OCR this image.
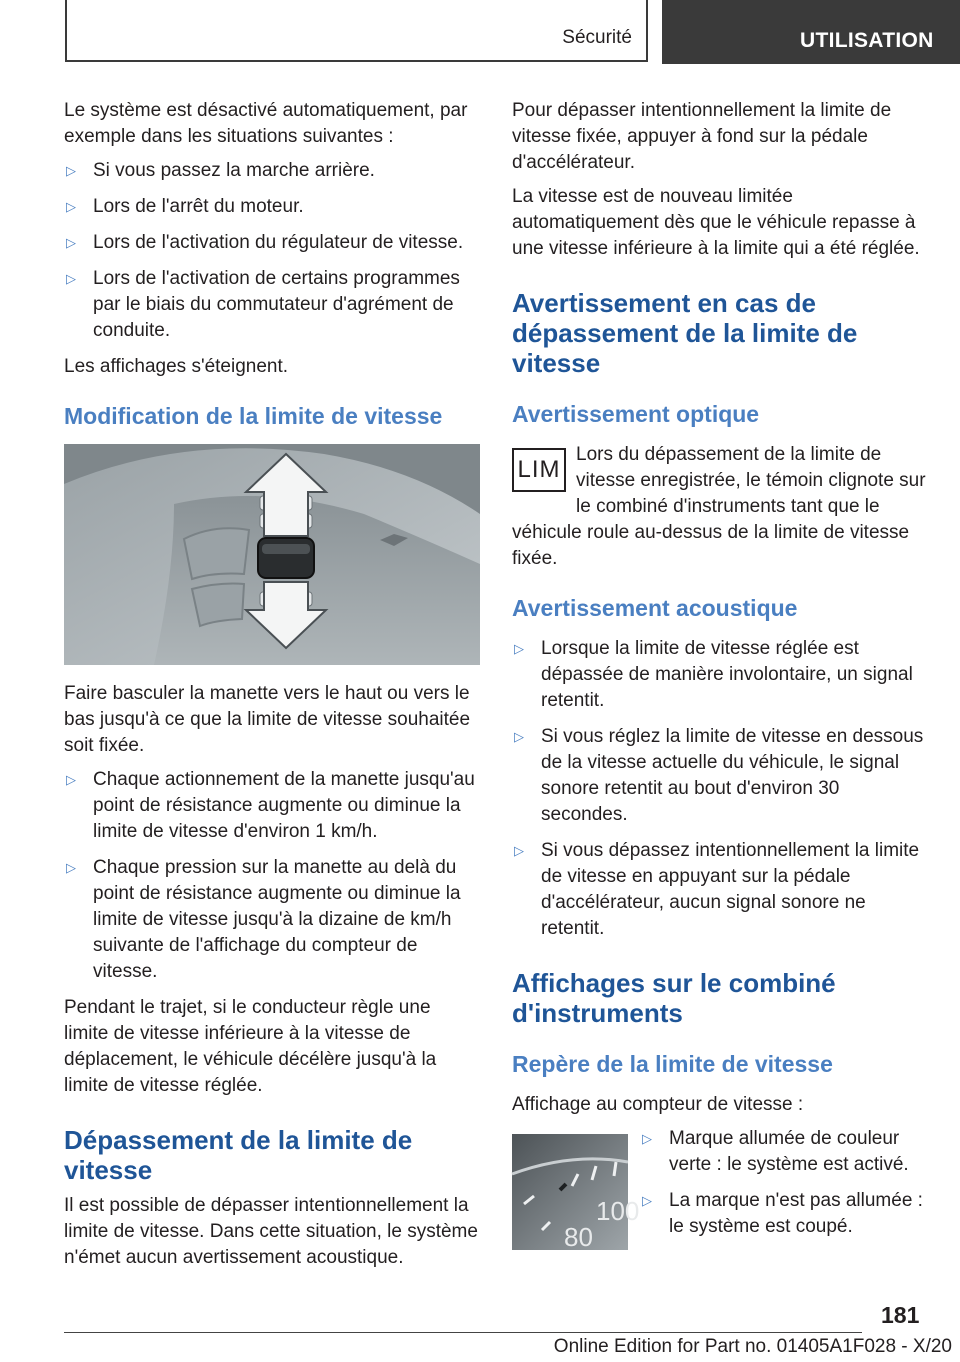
Sécurité	UTILISATION

Le système est désactivé automatiquement, par exemple dans les situations suivantes :

▷ Si vous passez la marche arrière.
▷ Lors de l'arrêt du moteur.
▷ Lors de l'activation du régulateur de vitesse.
▷ Lors de l'activation de certains programmes par le biais du commutateur d'agrément de conduite.

Les affichages s'éteignent.

Modification de la limite de vitesse

Faire basculer la manette vers le haut ou vers le bas jusqu'à ce que la limite de vitesse souhaitée soit fixée.

▷ Chaque actionnement de la manette jusqu'au point de résistance augmente ou diminue la limite de vitesse d'environ 1 km/h.
▷ Chaque pression sur la manette au delà du point de résistance augmente ou diminue la limite de vitesse jusqu'à la dizaine de km/h suivante de l'affichage du compteur de vitesse.

Pendant le trajet, si le conducteur règle une limite de vitesse inférieure à la vitesse de déplacement, le véhicule décélère jusqu'à la limite de vitesse réglée.

Dépassement de la limite de vitesse

Il est possible de dépasser intentionnellement la limite de vitesse. Dans cette situation, le système n'émet aucun avertissement acoustique.

Pour dépasser intentionnellement la limite de vitesse fixée, appuyer à fond sur la pédale d'accélérateur.

La vitesse est de nouveau limitée automatiquement dès que le véhicule repasse à une vitesse inférieure à la limite qui a été réglée.

Avertissement en cas de dépassement de la limite de vitesse
Avertissement optique
LIM

Lors du dépassement de la limite de vitesse enregistrée, le témoin clignote sur le combiné d'instruments tant que le véhicule roule au-dessus de la limite de vitesse fixée.

Avertissement acoustique
▷ Lorsque la limite de vitesse réglée est dépassée de manière involontaire, un signal retentit.
▷ Si vous réglez la limite de vitesse en dessous de la vitesse actuelle du véhicule, le signal sonore retentit au bout d'environ 30 secondes.
▷ Si vous dépassez intentionnellement la limite de vitesse en appuyant sur la pédale d'accélérateur, aucun signal sonore ne retentit.
Affichages sur le combiné d'instruments
Repère de la limite de vitesse

Affichage au compteur de vitesse :

100
80
▷ Marque allumée de couleur verte : le système est activé.
▷ La marque n'est pas allumée : le système est coupé.
181
Online Edition for Part no. 01405A1F028 - X/20
